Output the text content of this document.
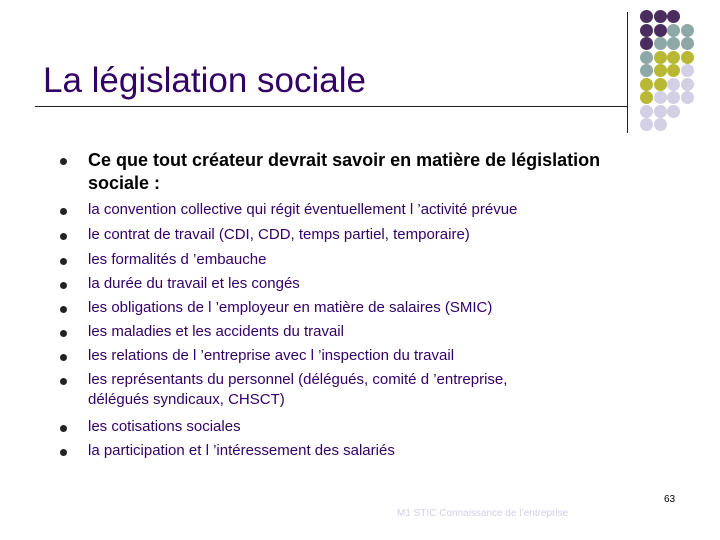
La législation sociale
Ce que tout créateur devrait savoir en matière de législation
sociale :
la convention collective qui régit éventuellement l ’activité prévue
le contrat de travail (CDI, CDD, temps partiel, temporaire)
les formalités d ’embauche
la durée du travail et les congés
les obligations de l ’employeur en matière de salaires (SMIC)
les maladies et les accidents du travail
les relations de l ’entreprise avec l ’inspection du travail
les représentants du personnel (délégués, comité d ’entreprise,
délégués syndicaux, CHSCT)
les cotisations sociales
la participation et l ’intéressement des salariés
63
M1 STIC Connaissance de l’entreprise
